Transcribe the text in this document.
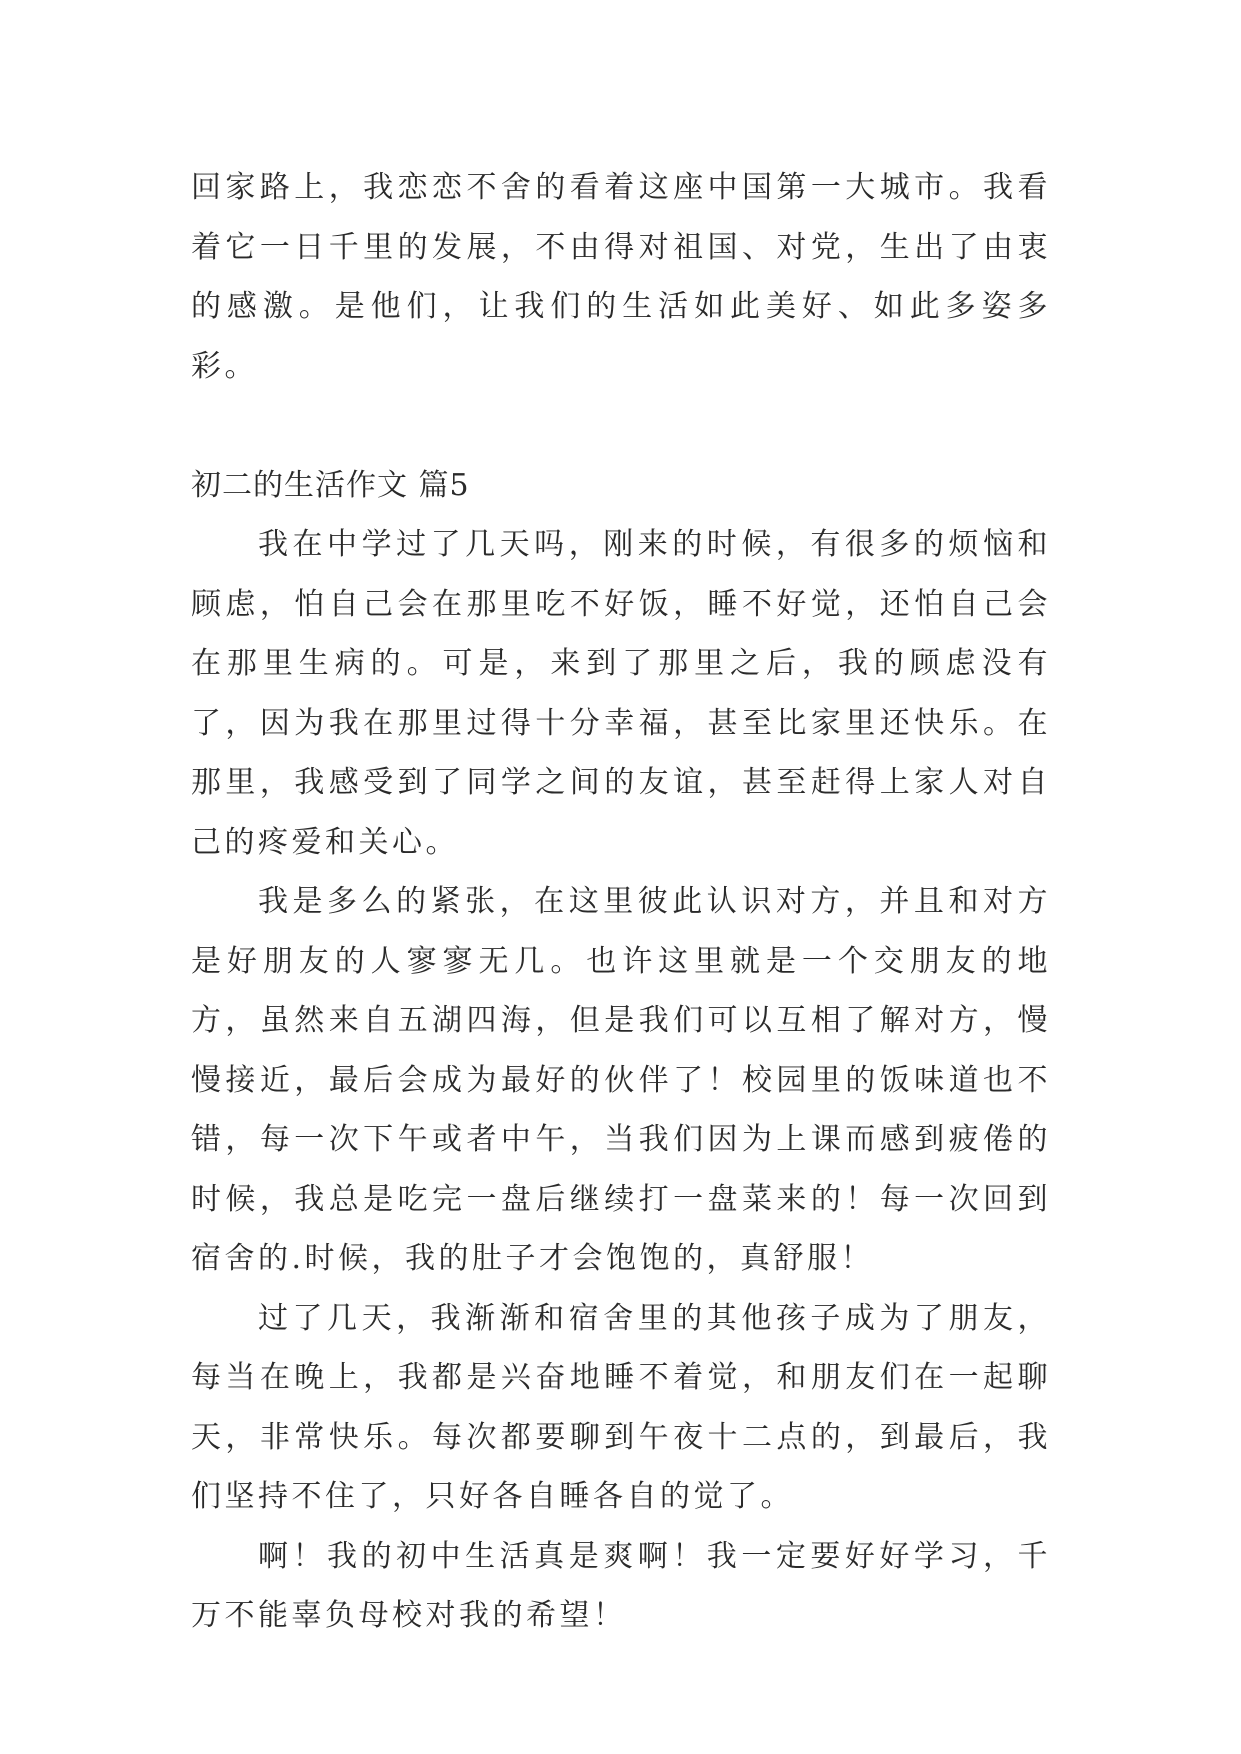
回家路上，我恋恋不舍的看着这座中国第一大城市。我看着它一日千里的发展，不由得对祖国、对党，生出了由衷的感激。是他们，让我们的生活如此美好、如此多姿多彩。

初二的生活作文 篇5

我在中学过了几天吗，刚来的时候，有很多的烦恼和顾虑，怕自己会在那里吃不好饭，睡不好觉，还怕自己会在那里生病的。可是，来到了那里之后，我的顾虑没有了，因为我在那里过得十分幸福，甚至比家里还快乐。在那里，我感受到了同学之间的友谊，甚至赶得上家人对自己的疼爱和关心。

我是多么的紧张，在这里彼此认识对方，并且和对方是好朋友的人寥寥无几。也许这里就是一个交朋友的地方，虽然来自五湖四海，但是我们可以互相了解对方，慢慢接近，最后会成为最好的伙伴了！校园里的饭味道也不错，每一次下午或者中午，当我们因为上课而感到疲倦的时候，我总是吃完一盘后继续打一盘菜来的！每一次回到宿舍的.时候，我的肚子才会饱饱的，真舒服！

过了几天，我渐渐和宿舍里的其他孩子成为了朋友，每当在晚上，我都是兴奋地睡不着觉，和朋友们在一起聊天，非常快乐。每次都要聊到午夜十二点的，到最后，我们坚持不住了，只好各自睡各自的觉了。

啊！我的初中生活真是爽啊！我一定要好好学习，千万不能辜负母校对我的希望！
